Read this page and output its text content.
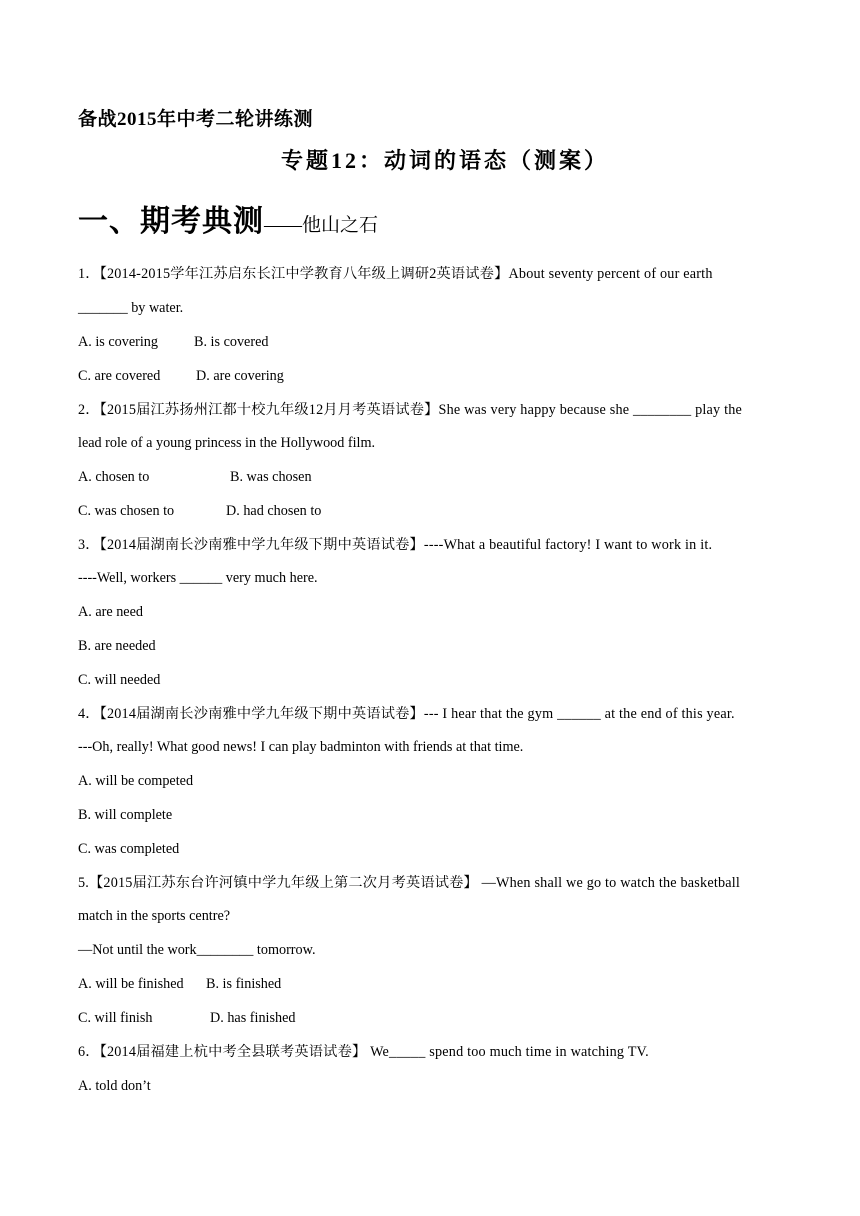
备战2015年中考二轮讲练测
专题12：动词的语态（测案）
一、期考典测——他山之石
1．【2014-2015学年江苏启东长江中学教育八年级上调研2英语试卷】About seventy percent of our earth
_______ by water.
A. is covering	B. is covered
C. are covered	D. are covering
2．【2015届江苏扬州江都十校九年级12月月考英语试卷】She was very happy because she ________ play the
lead role of a young princess in the Hollywood film.
A. chosen to	B. was chosen
C. was chosen to	D. had chosen to
3．【2014届湖南长沙南雅中学九年级下期中英语试卷】----What a beautiful factory! I want to work in it.
----Well, workers ______ very much here.
A. are need
B. are needed
C. will needed
4．【2014届湖南长沙南雅中学九年级下期中英语试卷】--- I hear that the gym ______ at the end of this year.
---Oh, really! What good news! I can play badminton with friends at that time.
A. will be competed
B. will complete
C. was completed
5.【2015届江苏东台许河镇中学九年级上第二次月考英语试卷】 —When shall we go to watch the basketball
match in the sports centre?
—Not until the work________ tomorrow.
A. will be finished B. is finished
C. will finish	D. has finished
6．【2014届福建上杭中考全县联考英语试卷】 We_____ spend too much time in watching TV.
A. told don’t
